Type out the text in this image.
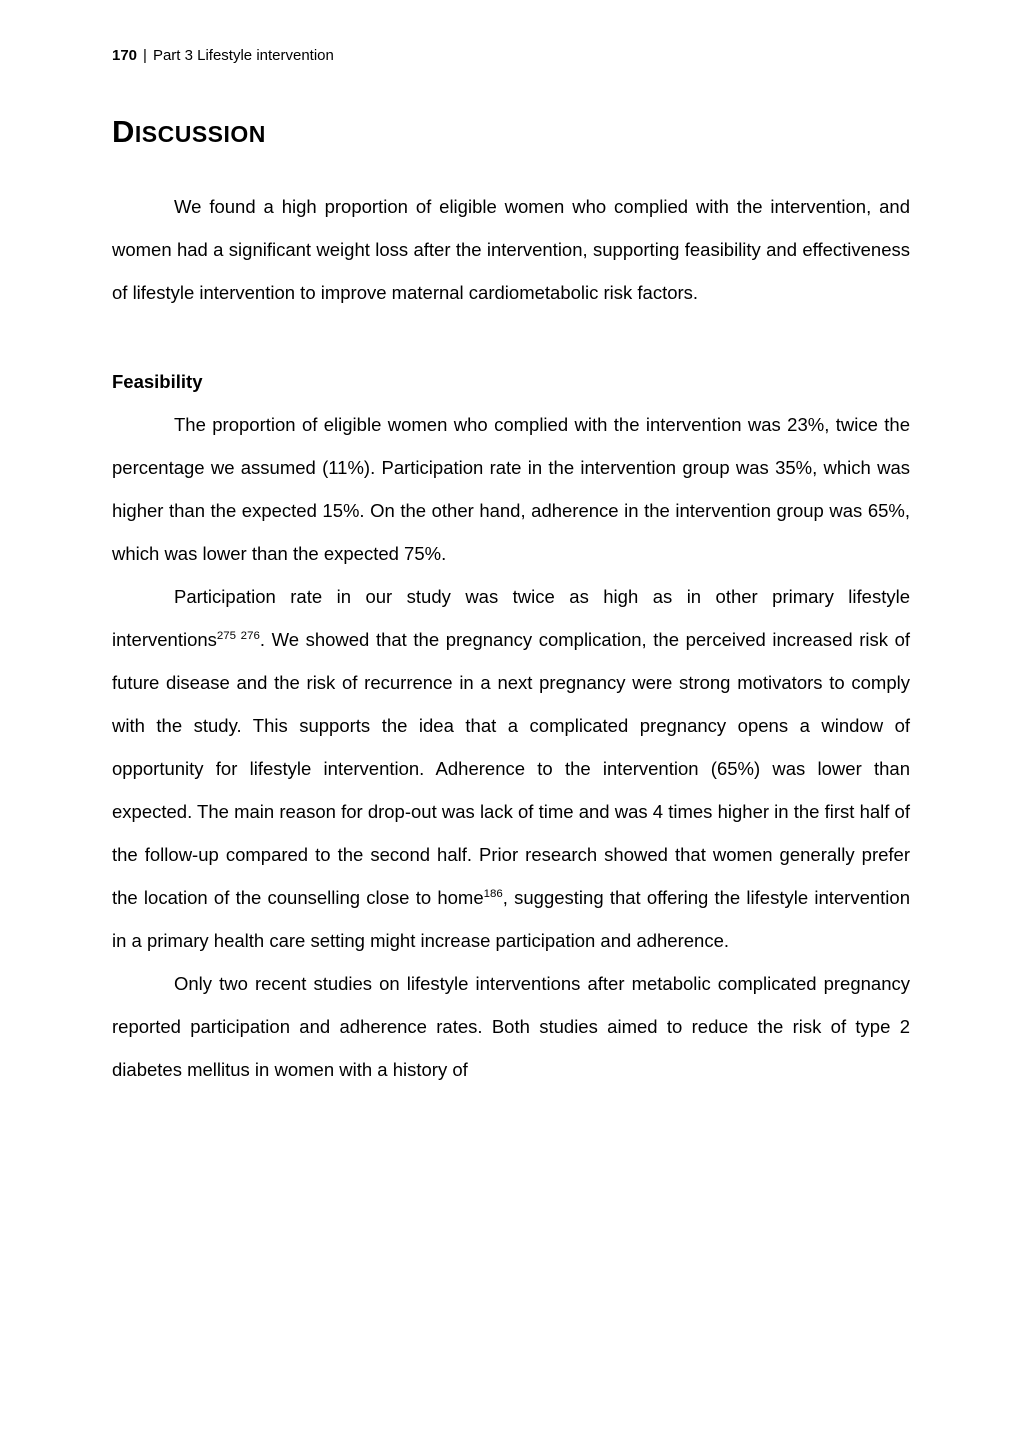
170 | Part 3 Lifestyle intervention
DISCUSSION

We found a high proportion of eligible women who complied with the intervention, and women had a significant weight loss after the intervention, supporting feasibility and effectiveness of lifestyle intervention to improve maternal cardiometabolic risk factors.

Feasibility

The proportion of eligible women who complied with the intervention was 23%, twice the percentage we assumed (11%). Participation rate in the intervention group was 35%, which was higher than the expected 15%. On the other hand, adherence in the intervention group was 65%, which was lower than the expected 75%.

Participation rate in our study was twice as high as in other primary lifestyle interventions$^{275 276}$. We showed that the pregnancy complication, the perceived increased risk of future disease and the risk of recurrence in a next pregnancy were strong motivators to comply with the study. This supports the idea that a complicated pregnancy opens a window of opportunity for lifestyle intervention. Adherence to the intervention (65%) was lower than expected. The main reason for drop-out was lack of time and was 4 times higher in the first half of the follow-up compared to the second half. Prior research showed that women generally prefer the location of the counselling close to home$^{186}$, suggesting that offering the lifestyle intervention in a primary health care setting might increase participation and adherence.

Only two recent studies on lifestyle interventions after metabolic complicated pregnancy reported participation and adherence rates. Both studies aimed to reduce the risk of type 2 diabetes mellitus in women with a history of
